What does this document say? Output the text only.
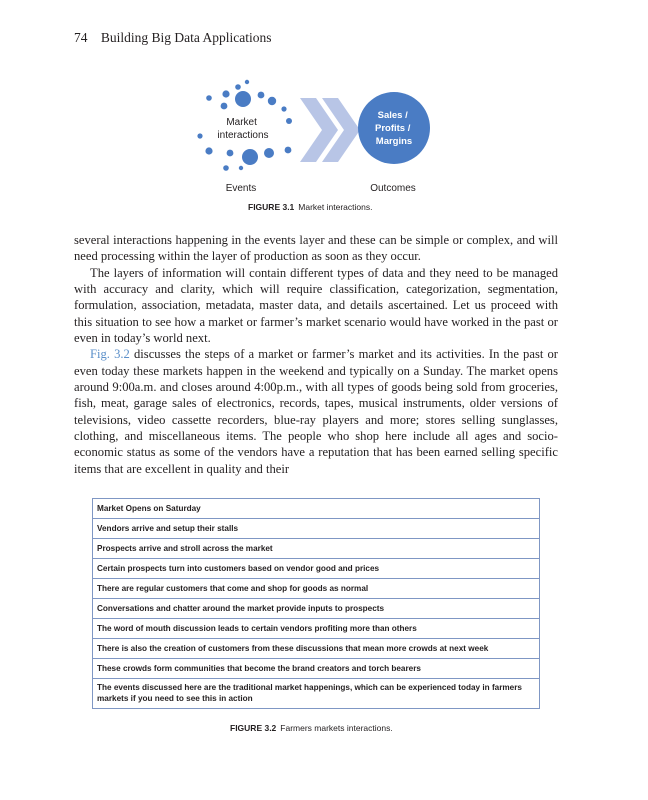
74 Building Big Data Applications
Market interactions
Sales / Profits / Margins
Events	Outcomes
FIGURE 3.1 Market interactions.

several interactions happening in the events layer and these can be simple or complex, and will need processing within the layer of production as soon as they occur.

The layers of information will contain different types of data and they need to be managed with accuracy and clarity, which will require classification, categorization, segmentation, formulation, association, metadata, master data, and details ascertained. Let us proceed with this situation to see how a market or farmer’s market scenario would have worked in the past or even in today’s world next.

Fig. 3.2 discusses the steps of a market or farmer’s market and its activities. In the past or even today these markets happen in the weekend and typically on a Sunday. The market opens around 9:00a.m. and closes around 4:00p.m., with all types of goods being sold from groceries, fish, meat, garage sales of electronics, records, tapes, musical instruments, older versions of televisions, video cassette recorders, blue-ray players and more; stores selling sunglasses, clothing, and miscellaneous items. The people who shop here include all ages and socio-economic status as some of the vendors have a reputation that has been earned selling specific items that are excellent in quality and their

Market Opens on Saturday
Vendors arrive and setup their stalls
Prospects arrive and stroll across the market
Certain prospects turn into customers based on vendor good and prices
There are regular customers that come and shop for goods as normal
Conversations and chatter around the market provide inputs to prospects
The word of mouth discussion leads to certain vendors profiting more than others
There is also the creation of customers from these discussions that mean more crowds at next week
These crowds form communities that become the brand creators and torch bearers
The events discussed here are the traditional market happenings, which can be experienced today in farmers markets if you need to see this in action
FIGURE 3.2 Farmers markets interactions.
